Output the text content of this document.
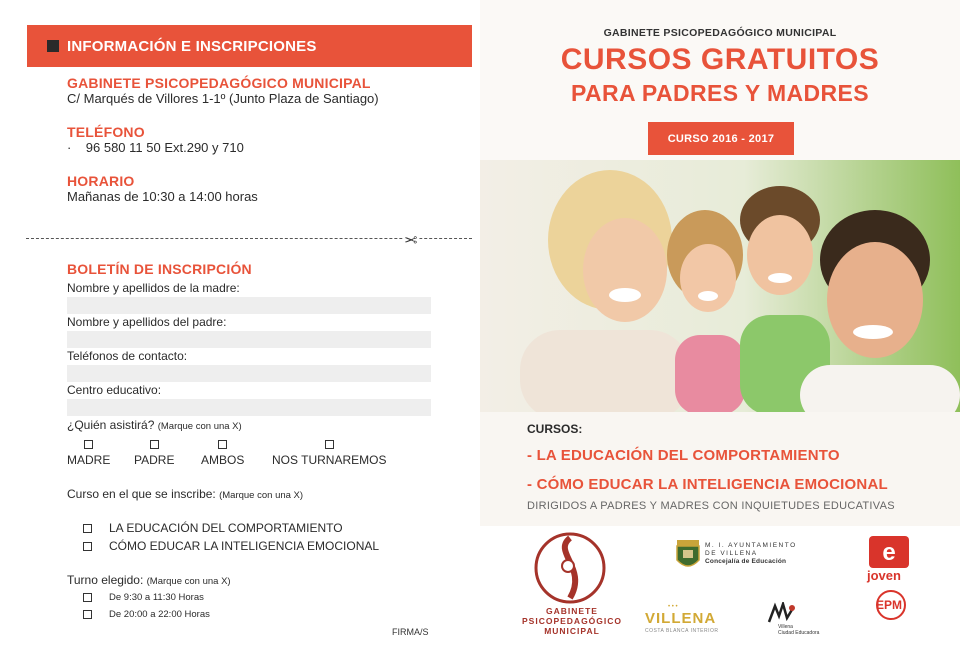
INFORMACIÓN E INSCRIPCIONES
GABINETE PSICOPEDAGÓGICO MUNICIPAL
C/ Marqués de Villores 1-1º (Junto Plaza de Santiago)
TELÉFONO
·    96 580 11 50 Ext.290 y 710
HORARIO
Mañanas de 10:30 a 14:00 horas
✂
BOLETÍN DE INSCRIPCIÓN
Nombre y apellidos de la madre:
Nombre y apellidos del padre:
Teléfonos de contacto:
Centro educativo:
¿Quién asistirá? (Marque con una X)
MADRE PADRE AMBOS NOS TURNAREMOS
Curso en el que se inscribe: (Marque con una X)
LA EDUCACIÓN DEL COMPORTAMIENTO
CÓMO EDUCAR LA INTELIGENCIA EMOCIONAL
Turno elegido: (Marque con una X)
De 9:30 a 11:30 Horas
De 20:00 a 22:00 Horas
FIRMA/S
GABINETE PSICOPEDAGÓGICO MUNICIPAL
CURSOS GRATUITOS
PARA PADRES Y MADRES
CURSO 2016 - 2017
CURSOS:
- LA EDUCACIÓN DEL COMPORTAMIENTO
- CÓMO EDUCAR LA INTELIGENCIA EMOCIONAL
DIRIGIDOS A PADRES Y MADRES CON INQUIETUDES EDUCATIVAS
GABINETE
PSICOPEDAGÓGICO
MUNICIPAL
M. I. AYUNTAMIENTO
DE VILLENA
Concejalía de Educación
• • •
VILLENA
COSTA BLANCA INTERIOR
Villena
Ciudad Educadora
e
joven
EPM
